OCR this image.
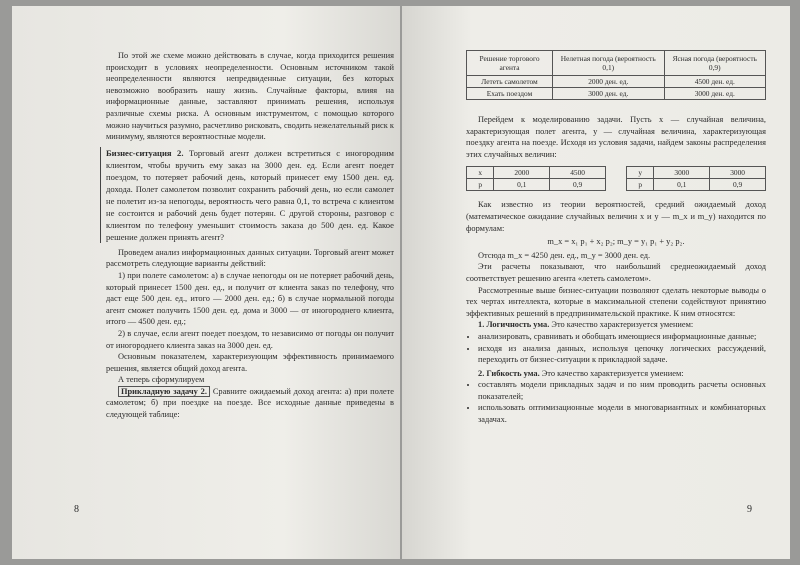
По этой же схеме можно действовать в случае, когда приходится решения происходит в условиях неопределенности. Основным источником такой неопределенности являются непредвиденные ситуации, без которых невозможно вообразить нашу жизнь. Случайные факторы, влияя на информационные данные, заставляют принимать решения, используя различные схемы риска. А основным инструментом, с помощью которого можно научиться разумно, расчетливо рисковать, сводить нежелательный риск к минимуму, являются вероятностные модели.

Бизнес-ситуация 2. Торговый агент должен встретиться с иногородним клиентом, чтобы вручить ему заказ на 3000 ден. ед. Если агент поедет поездом, то потеряет рабочий день, который принесет ему 1500 ден. ед. дохода. Полет самолетом позволит сохранить рабочий день, но если самолет не полетит из-за непогоды, вероятность чего равна 0,1, то встреча с клиентом не состоится и рабочий день будет потерян. С другой стороны, разговор с клиентом по телефону уменьшит стоимость заказа до 500 ден. ед. Какое решение должен принять агент?

Проведем анализ информационных данных ситуации. Торговый агент может рассмотреть следующие варианты действий:

1) при полете самолетом: а) в случае непогоды он не потеряет рабочий день, который принесет 1500 ден. ед., и получит от клиента заказ по телефону, что даст еще 500 ден. ед., итого — 2000 ден. ед.; б) в случае нормальной погоды агент сможет получить 1500 ден. ед. дома и 3000 — от иногороднего клиента, итого — 4500 ден. ед.;

2) в случае, если агент поедет поездом, то независимо от погоды он получит от иногороднего клиента заказ на 3000 ден. ед.

Основным показателем, характеризующим эффективность принимаемого решения, является общий доход агента.

А теперь сформулируем

Прикладную задачу 2. Сравните ожидаемый доход агента: а) при полете самолетом; б) при поездке на поезде. Все исходные данные приведены в следующей таблице:

8
Решение торгового агента	Нелетная погода (вероятность 0,1)	Ясная погода (вероятность 0,9)
Лететь самолетом	2000 ден. ед.	4500 ден. ед.
Ехать поездом	3000 ден. ед.	3000 ден. ед.

Перейдем к моделированию задачи. Пусть x — случайная величина, характеризующая полет агента, y — случайная величина, характеризующая поездку агента на поезде. Исходя из условия задачи, найдем законы распределения этих случайных величин:

x	2000	4500
p	0,1	0,9
y	3000	3000
p	0,1	0,9

Как известно из теории вероятностей, средний ожидаемый доход (математическое ожидание случайных величин x и y — m_x и m_y) находится по формулам:

m_x = x₁ p₁ + x₂ p₂; m_y = y₁ p₁ + y₂ p₂.

Отсюда m_x = 4250 ден. ед., m_y = 3000 ден. ед.

Эти расчеты показывают, что наибольший среднеожидаемый доход соответствует решению агента «лететь самолетом».

Рассмотренные выше бизнес-ситуации позволяют сделать некоторые выводы о тех чертах интеллекта, которые в максимальной степени содействуют принятию эффективных решений в предпринимательской практике. К ним относятся:

1. Логичность ума. Это качество характеризуется умением:

• анализировать, сравнивать и обобщать имеющиеся информационные данные;
• исходя из анализа данных, используя цепочку логических рассуждений, переходить от бизнес-ситуации к прикладной задаче.

2. Гибкость ума. Это качество характеризуется умением:

• составлять модели прикладных задач и по ним проводить расчеты основных показателей;
• использовать оптимизационные модели в многовариантных и комбинаторных задачах.
9
